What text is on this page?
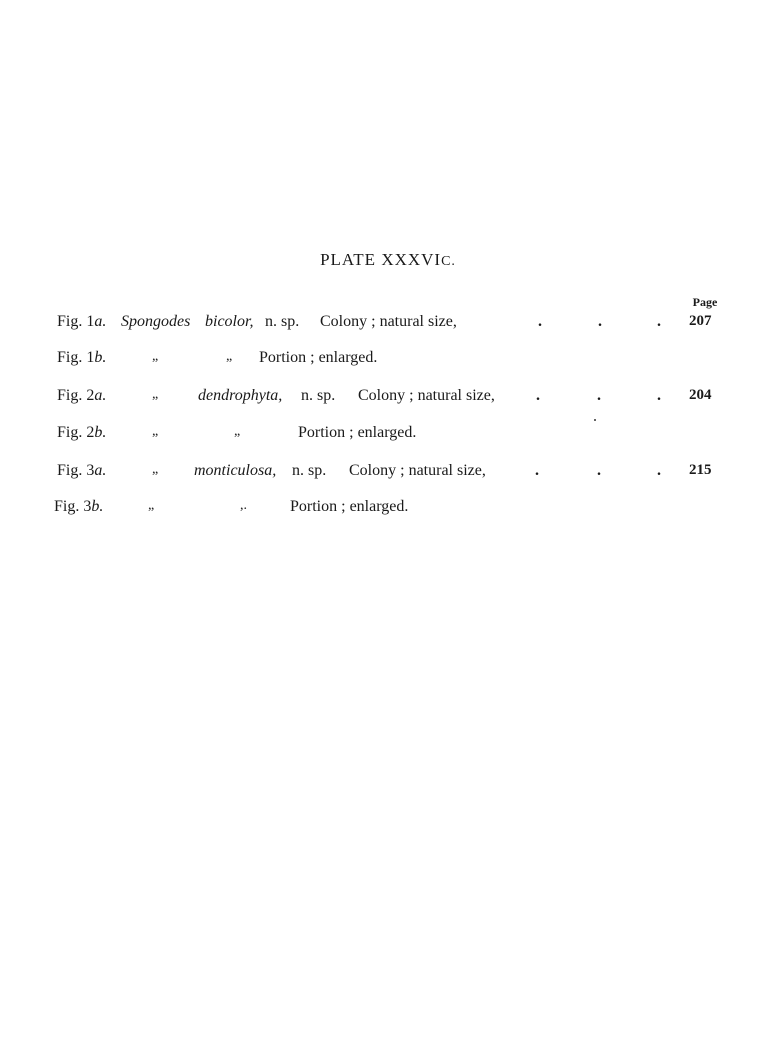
PLATE XXXVIC.
Page
Fig. 1a. Spongodes bicolor, n. sp. Colony ; natural size,	.	.	. 207
Fig. 1b.	„	„ Portion ; enlarged.
Fig. 2a.	„ dendrophyta, n. sp. Colony ; natural size,	.	.	. 204
Fig. 2b.	„	„	Portion ; enlarged.
Fig. 3a.	„ monticulosa, n. sp. Colony ; natural size,	.	.	. 215
Fig. 3b.	„	,.	Portion ; enlarged.
